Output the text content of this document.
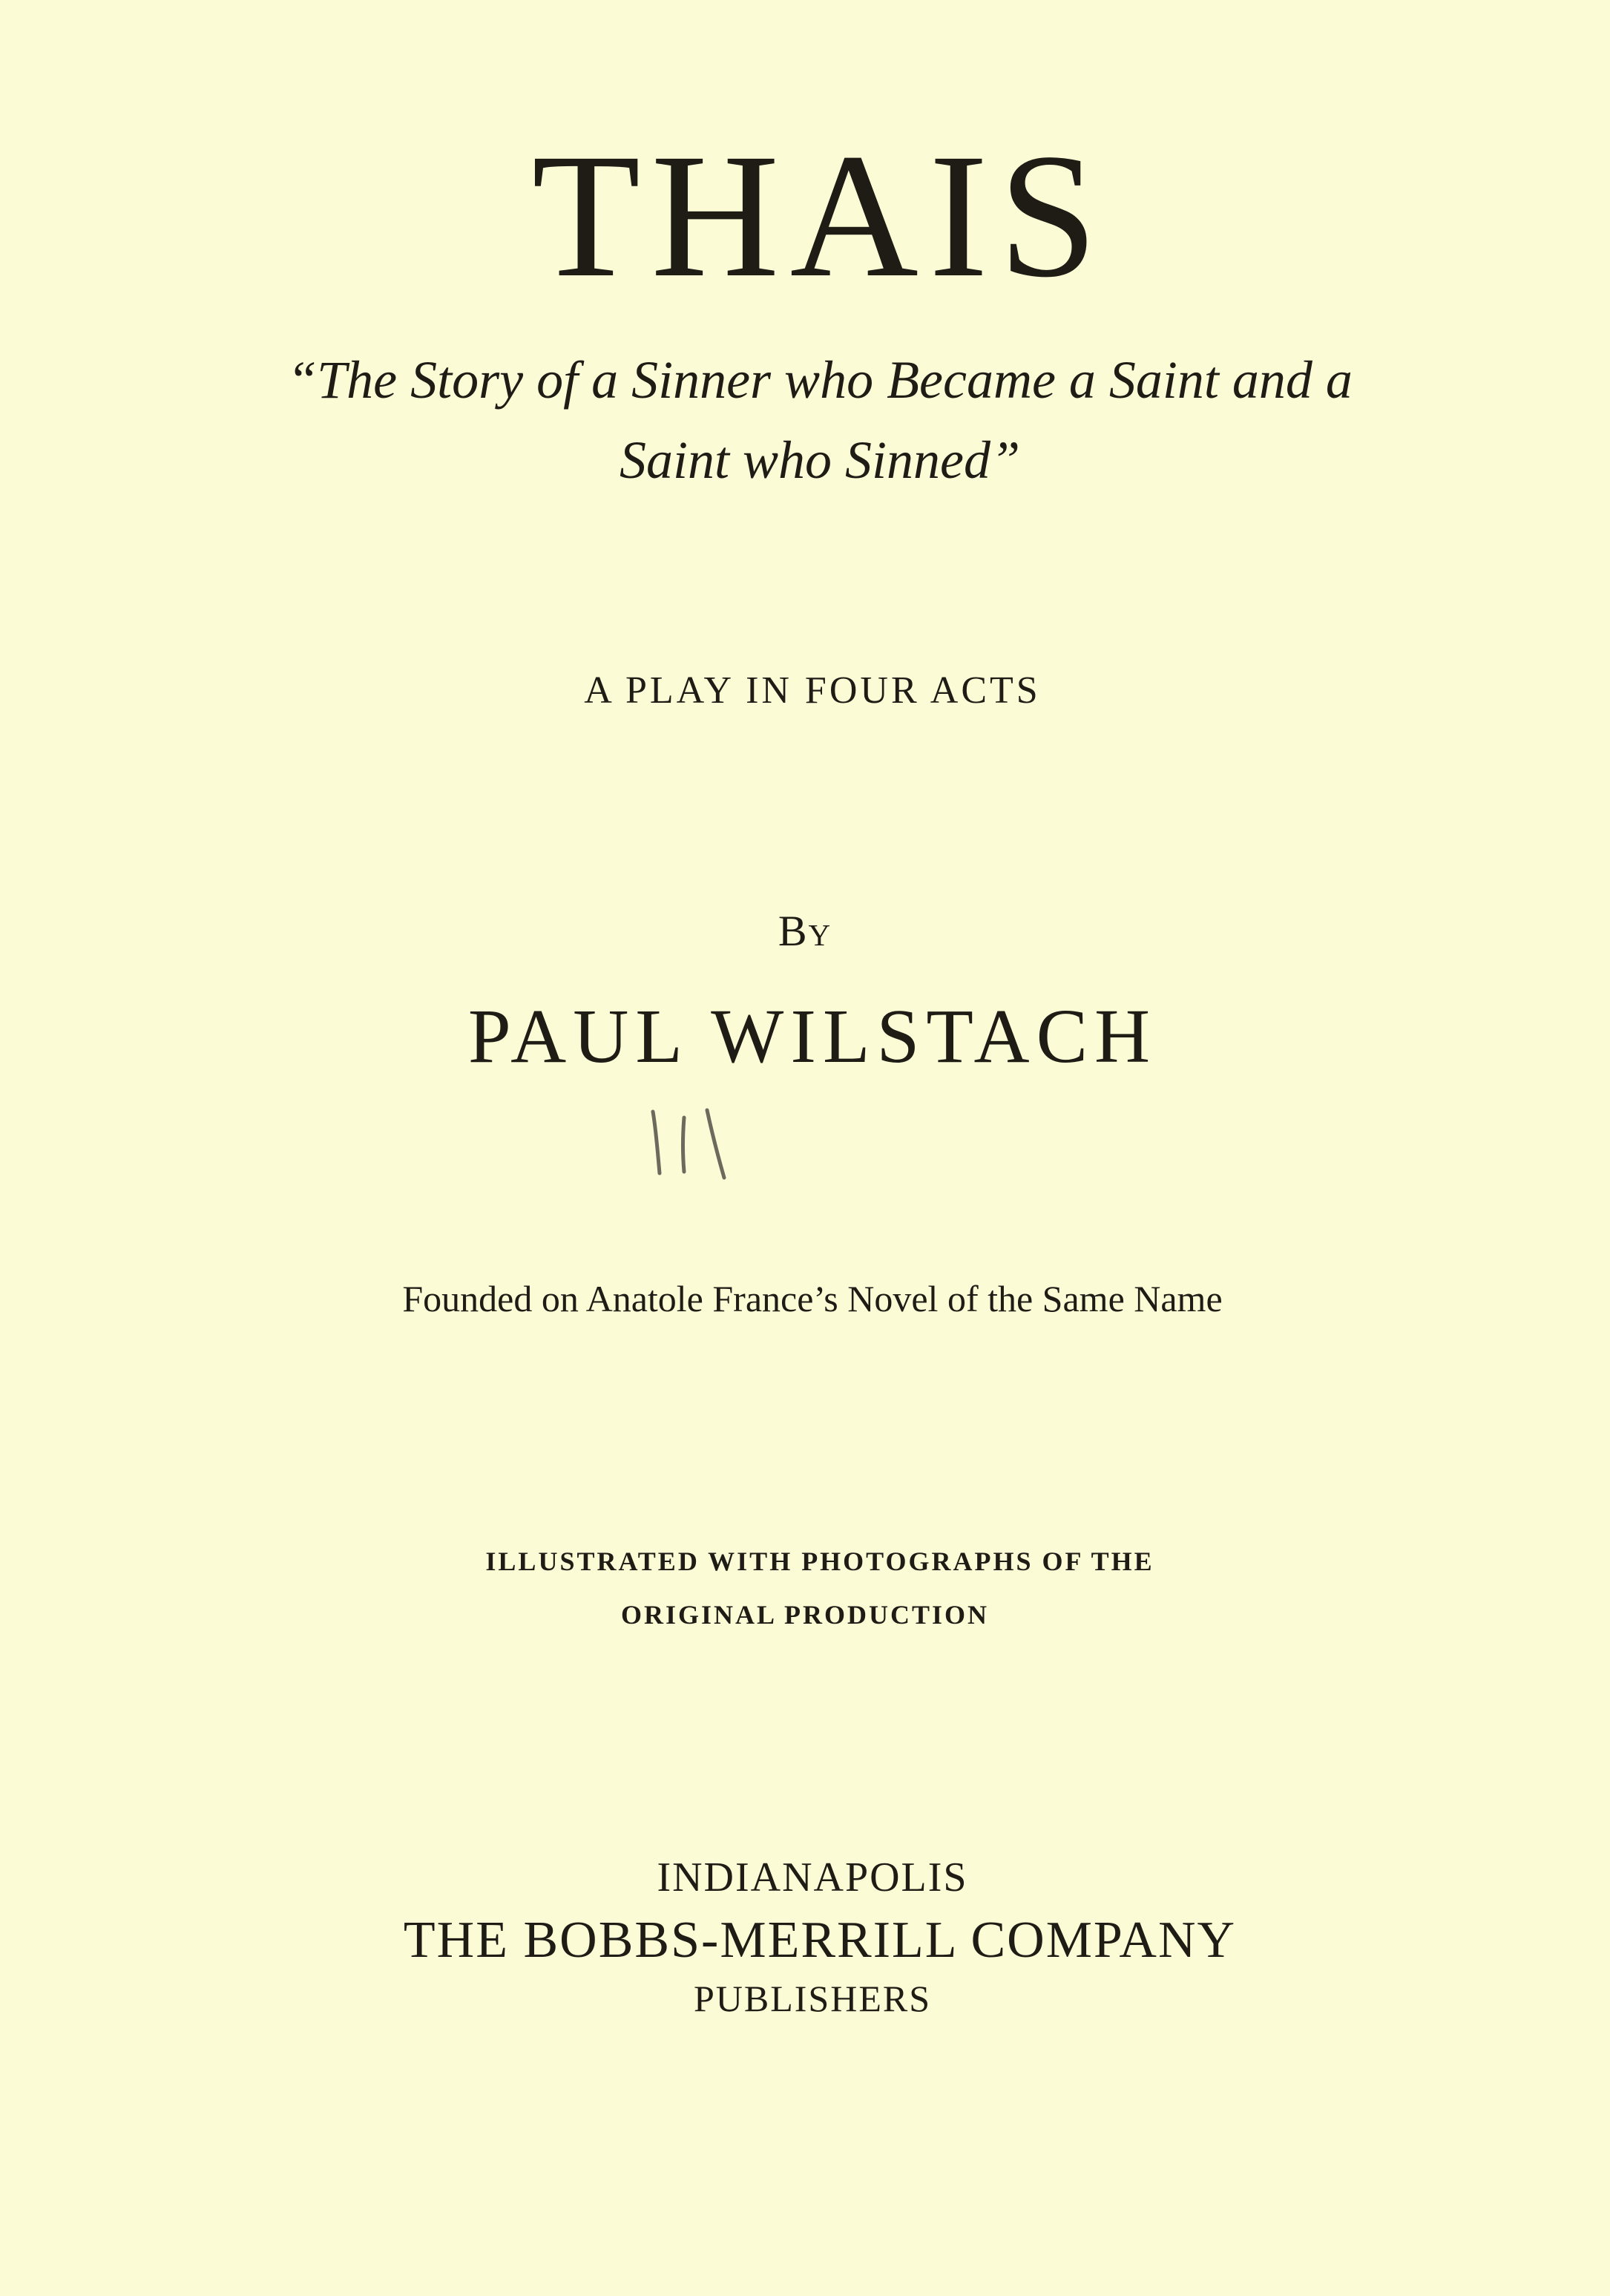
THAIS

“The Story of a Sinner who Became a Saint and a

Saint who Sinned”

A PLAY IN FOUR ACTS

By

PAUL WILSTACH

Founded on Anatole France’s Novel of the Same Name

ILLUSTRATED WITH PHOTOGRAPHS OF THE

ORIGINAL PRODUCTION

INDIANAPOLIS

THE BOBBS-MERRILL COMPANY

PUBLISHERS
